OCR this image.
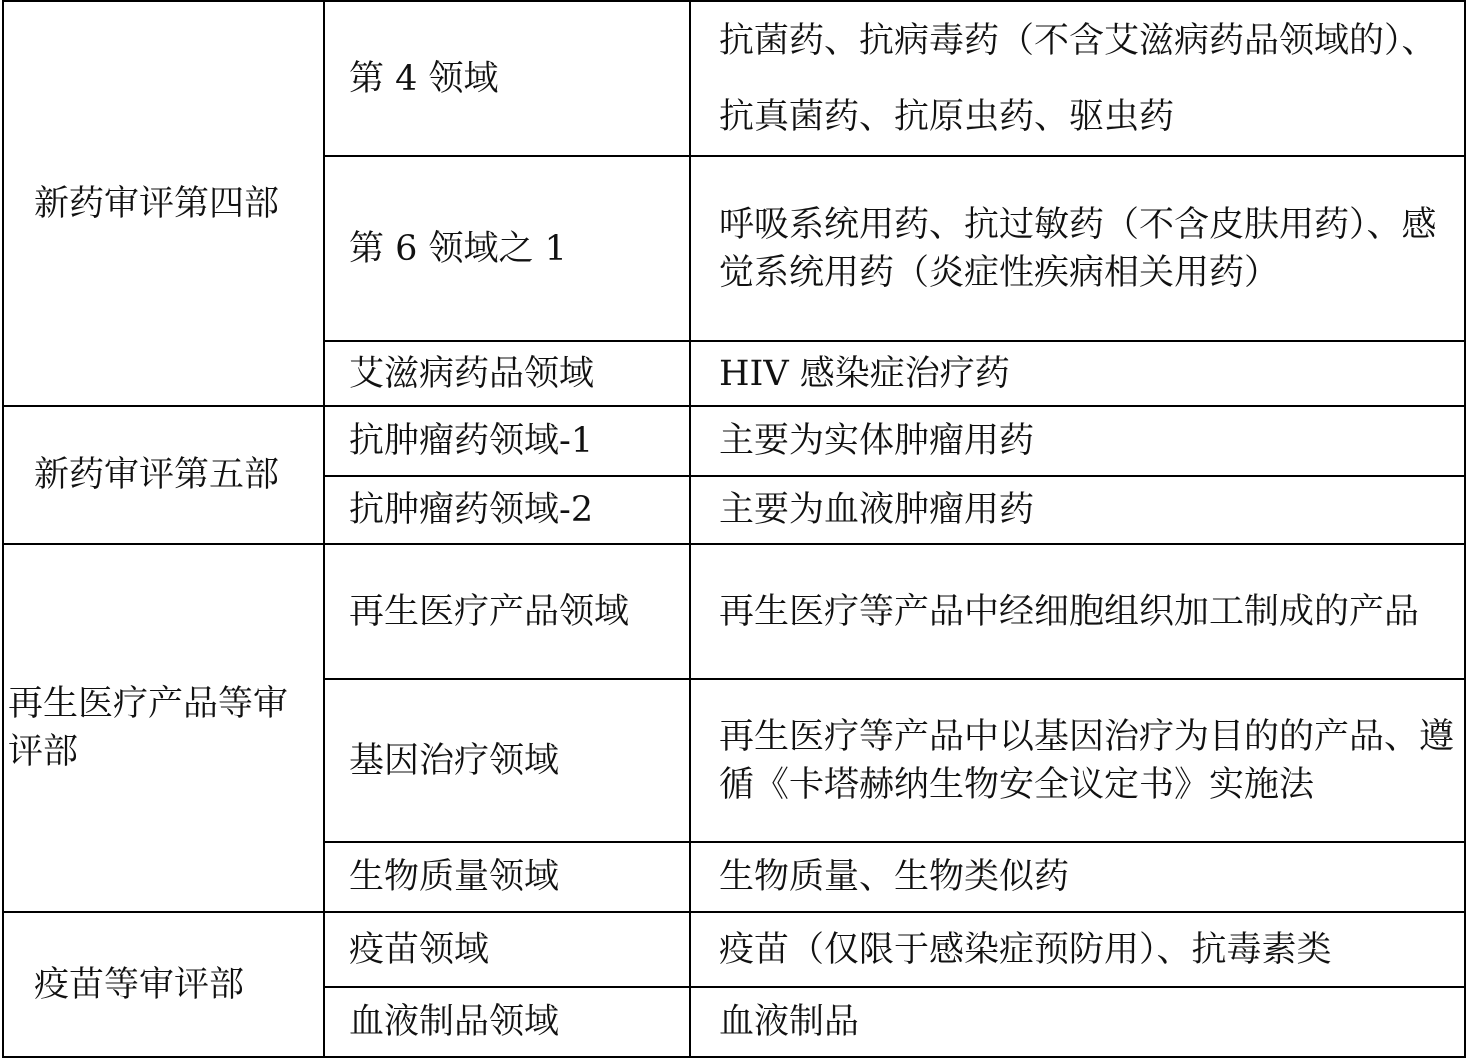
新药审评第四部	第 4 领域	抗菌药、抗病毒药（不含艾滋病药品领域的）、抗真菌药、抗原虫药、驱虫药
	第 6 领域之 1	呼吸系统用药、抗过敏药（不含皮肤用药）、感觉系统用药（炎症性疾病相关用药）
	艾滋病药品领域	HIV 感染症治疗药
新药审评第五部	抗肿瘤药领域-1	主要为实体肿瘤用药
	抗肿瘤药领域-2	主要为血液肿瘤用药
再生医疗产品等审评部	再生医疗产品领域	再生医疗等产品中经细胞组织加工制成的产品
	基因治疗领域	再生医疗等产品中以基因治疗为目的的产品、遵循《卡塔赫纳生物安全议定书》实施法
	生物质量领域	生物质量、生物类似药
疫苗等审评部	疫苗领域	疫苗（仅限于感染症预防用）、抗毒素类
	血液制品领域	血液制品
